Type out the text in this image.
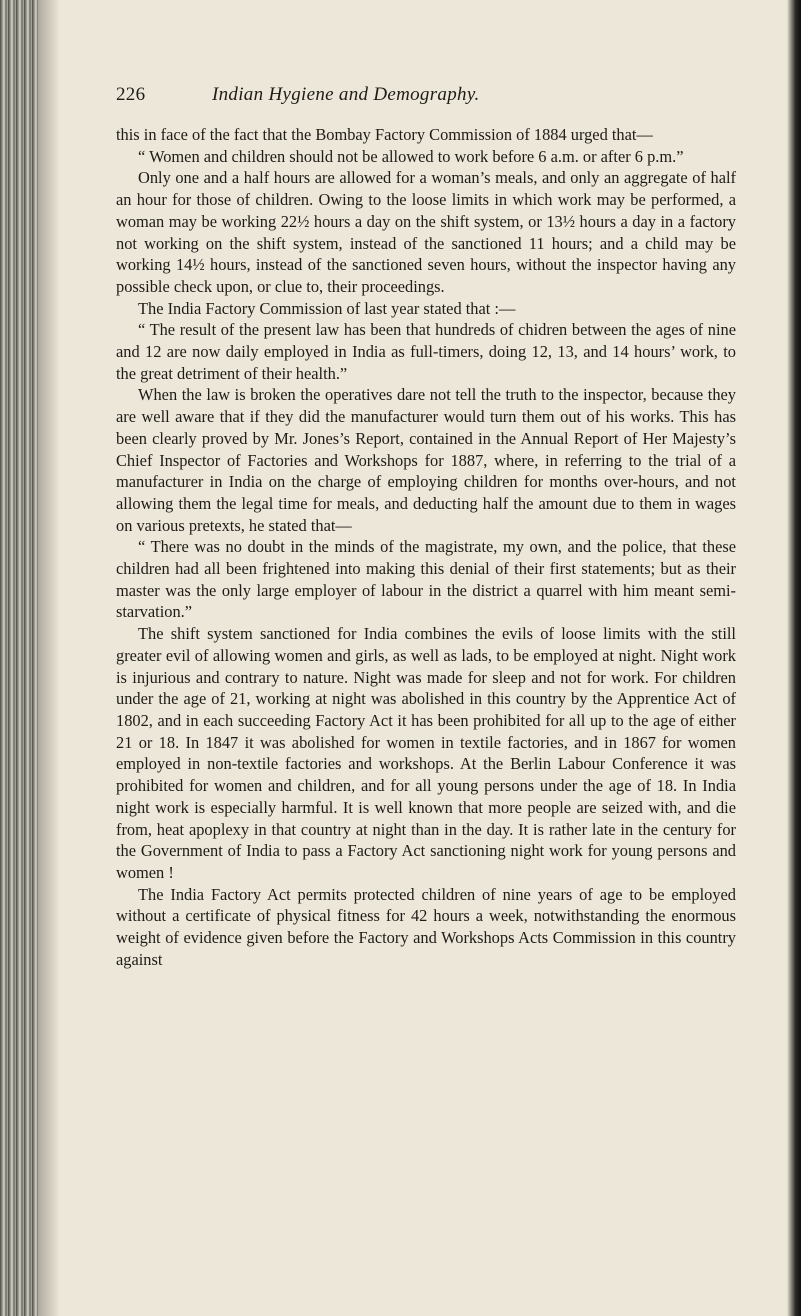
226	Indian Hygiene and Demography.

this in face of the fact that the Bombay Factory Commission of 1884 urged that—

“ Women and children should not be allowed to work before 6 a.m. or after 6 p.m.”

Only one and a half hours are allowed for a woman’s meals, and only an aggregate of half an hour for those of children. Owing to the loose limits in which work may be performed, a woman may be working 22½ hours a day on the shift system, or 13½ hours a day in a factory not working on the shift system, instead of the sanctioned 11 hours; and a child may be working 14½ hours, instead of the sanctioned seven hours, without the inspector having any possible check upon, or clue to, their proceedings.

The India Factory Commission of last year stated that :—

“ The result of the present law has been that hundreds of chidren between the ages of nine and 12 are now daily employed in India as full-timers, doing 12, 13, and 14 hours’ work, to the great detriment of their health.”

When the law is broken the operatives dare not tell the truth to the inspector, because they are well aware that if they did the manufacturer would turn them out of his works. This has been clearly proved by Mr. Jones’s Report, contained in the Annual Report of Her Majesty’s Chief Inspector of Factories and Workshops for 1887, where, in referring to the trial of a manufacturer in India on the charge of employing children for months over-hours, and not allowing them the legal time for meals, and deducting half the amount due to them in wages on various pretexts, he stated that—

“ There was no doubt in the minds of the magistrate, my own, and the police, that these children had all been frightened into making this denial of their first statements; but as their master was the only large employer of labour in the district a quarrel with him meant semi-starvation.”

The shift system sanctioned for India combines the evils of loose limits with the still greater evil of allowing women and girls, as well as lads, to be employed at night. Night work is injurious and contrary to nature. Night was made for sleep and not for work. For children under the age of 21, working at night was abolished in this country by the Apprentice Act of 1802, and in each succeeding Factory Act it has been prohibited for all up to the age of either 21 or 18. In 1847 it was abolished for women in textile factories, and in 1867 for women employed in non-textile factories and workshops. At the Berlin Labour Conference it was prohibited for women and children, and for all young persons under the age of 18. In India night work is especially harmful. It is well known that more people are seized with, and die from, heat apoplexy in that country at night than in the day. It is rather late in the century for the Government of India to pass a Factory Act sanctioning night work for young persons and women !

The India Factory Act permits protected children of nine years of age to be employed without a certificate of physical fitness for 42 hours a week, notwithstanding the enormous weight of evidence given before the Factory and Workshops Acts Commission in this country against
